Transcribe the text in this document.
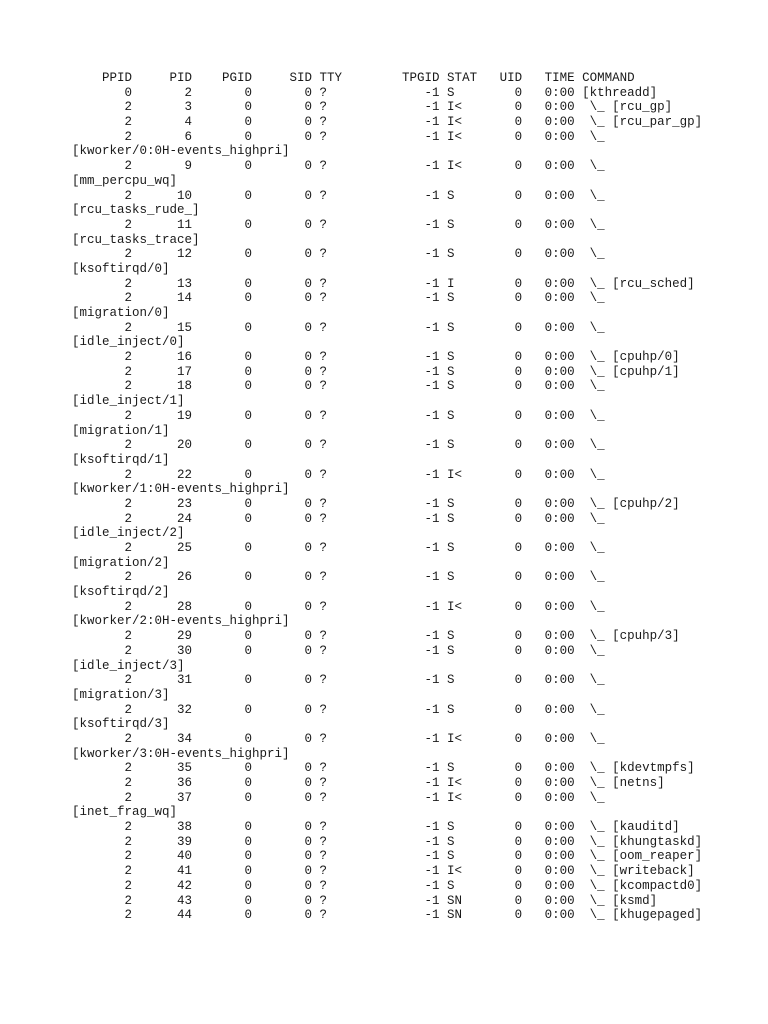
PPID     PID    PGID     SID TTY        TPGID STAT   UID   TIME COMMAND
0       2       0       0 ?             -1 S        0   0:00 [kthreadd]
2       3       0       0 ?             -1 I<       0   0:00  \_ [rcu_gp]
2       4       0       0 ?             -1 I<       0   0:00  \_ [rcu_par_gp]
2       6       0       0 ?             -1 I<       0   0:00  \_
[kworker/0:0H-events_highpri]
2       9       0       0 ?             -1 I<       0   0:00  \_
[mm_percpu_wq]
2      10       0       0 ?             -1 S        0   0:00  \_
[rcu_tasks_rude_]
2      11       0       0 ?             -1 S        0   0:00  \_
[rcu_tasks_trace]
2      12       0       0 ?             -1 S        0   0:00  \_
[ksoftirqd/0]
2      13       0       0 ?             -1 I        0   0:00  \_ [rcu_sched]
2      14       0       0 ?             -1 S        0   0:00  \_
[migration/0]
2      15       0       0 ?             -1 S        0   0:00  \_
[idle_inject/0]
2      16       0       0 ?             -1 S        0   0:00  \_ [cpuhp/0]
2      17       0       0 ?             -1 S        0   0:00  \_ [cpuhp/1]
2      18       0       0 ?             -1 S        0   0:00  \_
[idle_inject/1]
2      19       0       0 ?             -1 S        0   0:00  \_
[migration/1]
2      20       0       0 ?             -1 S        0   0:00  \_
[ksoftirqd/1]
2      22       0       0 ?             -1 I<       0   0:00  \_
[kworker/1:0H-events_highpri]
2      23       0       0 ?             -1 S        0   0:00  \_ [cpuhp/2]
2      24       0       0 ?             -1 S        0   0:00  \_
[idle_inject/2]
2      25       0       0 ?             -1 S        0   0:00  \_
[migration/2]
2      26       0       0 ?             -1 S        0   0:00  \_
[ksoftirqd/2]
2      28       0       0 ?             -1 I<       0   0:00  \_
[kworker/2:0H-events_highpri]
2      29       0       0 ?             -1 S        0   0:00  \_ [cpuhp/3]
2      30       0       0 ?             -1 S        0   0:00  \_
[idle_inject/3]
2      31       0       0 ?             -1 S        0   0:00  \_
[migration/3]
2      32       0       0 ?             -1 S        0   0:00  \_
[ksoftirqd/3]
2      34       0       0 ?             -1 I<       0   0:00  \_
[kworker/3:0H-events_highpri]
2      35       0       0 ?             -1 S        0   0:00  \_ [kdevtmpfs]
2      36       0       0 ?             -1 I<       0   0:00  \_ [netns]
2      37       0       0 ?             -1 I<       0   0:00  \_
[inet_frag_wq]
2      38       0       0 ?             -1 S        0   0:00  \_ [kauditd]
2      39       0       0 ?             -1 S        0   0:00  \_ [khungtaskd]
2      40       0       0 ?             -1 S        0   0:00  \_ [oom_reaper]
2      41       0       0 ?             -1 I<       0   0:00  \_ [writeback]
2      42       0       0 ?             -1 S        0   0:00  \_ [kcompactd0]
2      43       0       0 ?             -1 SN       0   0:00  \_ [ksmd]
2      44       0       0 ?             -1 SN       0   0:00  \_ [khugepaged]
